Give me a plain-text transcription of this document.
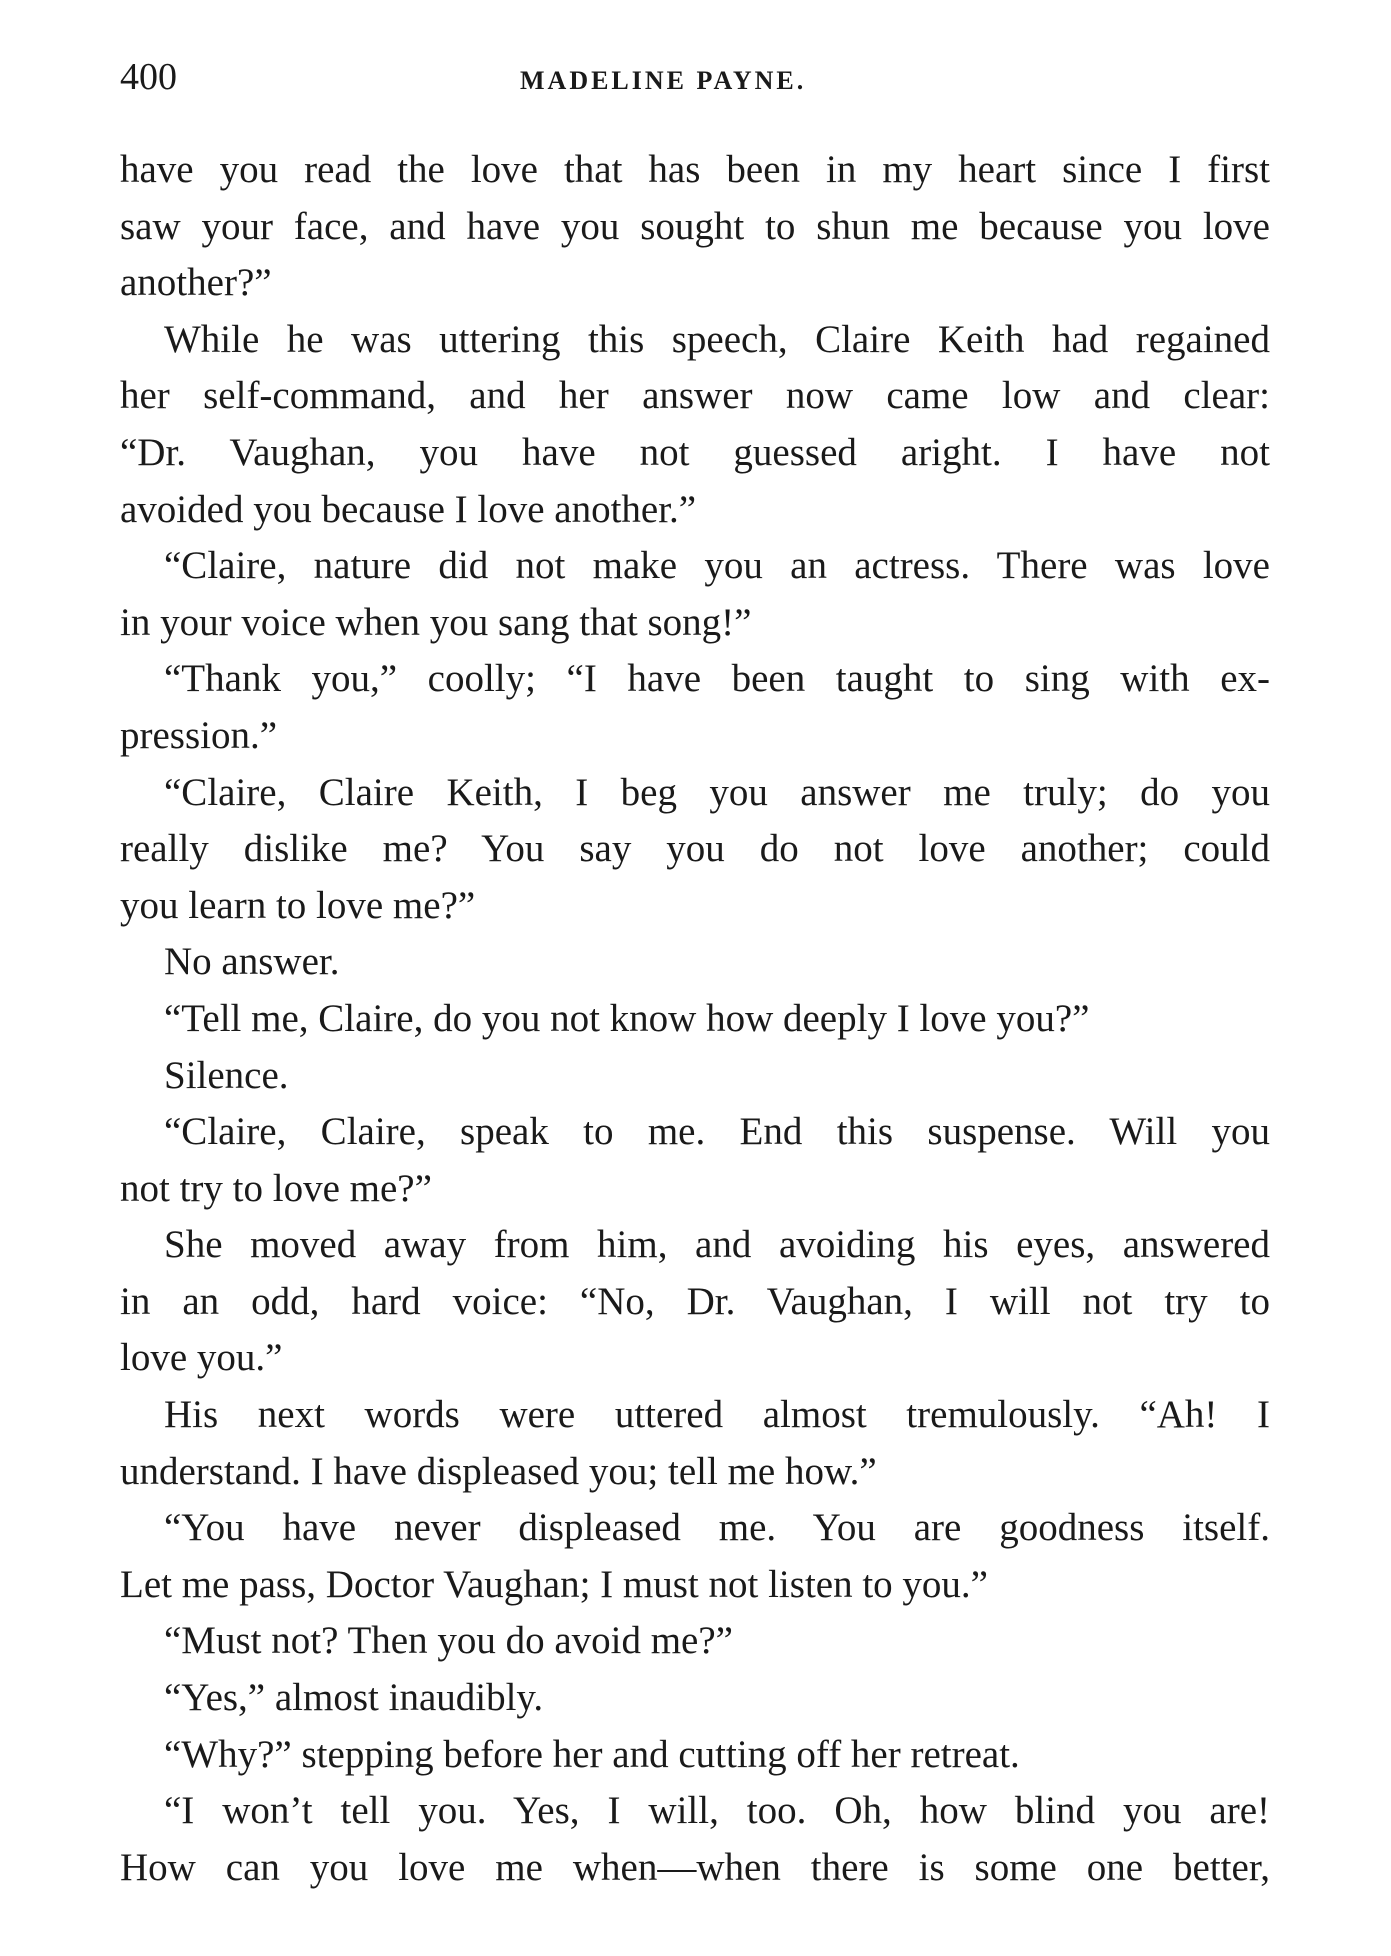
400	MADELINE PAYNE.
have you read the love that has been in my heart since I first
saw your face, and have you sought to shun me because you love
another?”
While he was uttering this speech, Claire Keith had regained
her self-command, and her answer now came low and clear:
“Dr. Vaughan, you have not guessed aright. I have not
avoided you because I love another.”
“Claire, nature did not make you an actress. There was love
in your voice when you sang that song!”
“Thank you,” coolly; “I have been taught to sing with ex-
pression.”
“Claire, Claire Keith, I beg you answer me truly; do you
really dislike me? You say you do not love another; could
you learn to love me?”
No answer.
“Tell me, Claire, do you not know how deeply I love you?”
Silence.
“Claire, Claire, speak to me. End this suspense. Will you
not try to love me?”
She moved away from him, and avoiding his eyes, answered
in an odd, hard voice: “No, Dr. Vaughan, I will not try to
love you.”
His next words were uttered almost tremulously. “Ah! I
understand. I have displeased you; tell me how.”
“You have never displeased me. You are goodness itself.
Let me pass, Doctor Vaughan; I must not listen to you.”
“Must not? Then you do avoid me?”
“Yes,” almost inaudibly.
“Why?” stepping before her and cutting off her retreat.
“I won’t tell you. Yes, I will, too. Oh, how blind you are!
How can you love me when—when there is some one better,
